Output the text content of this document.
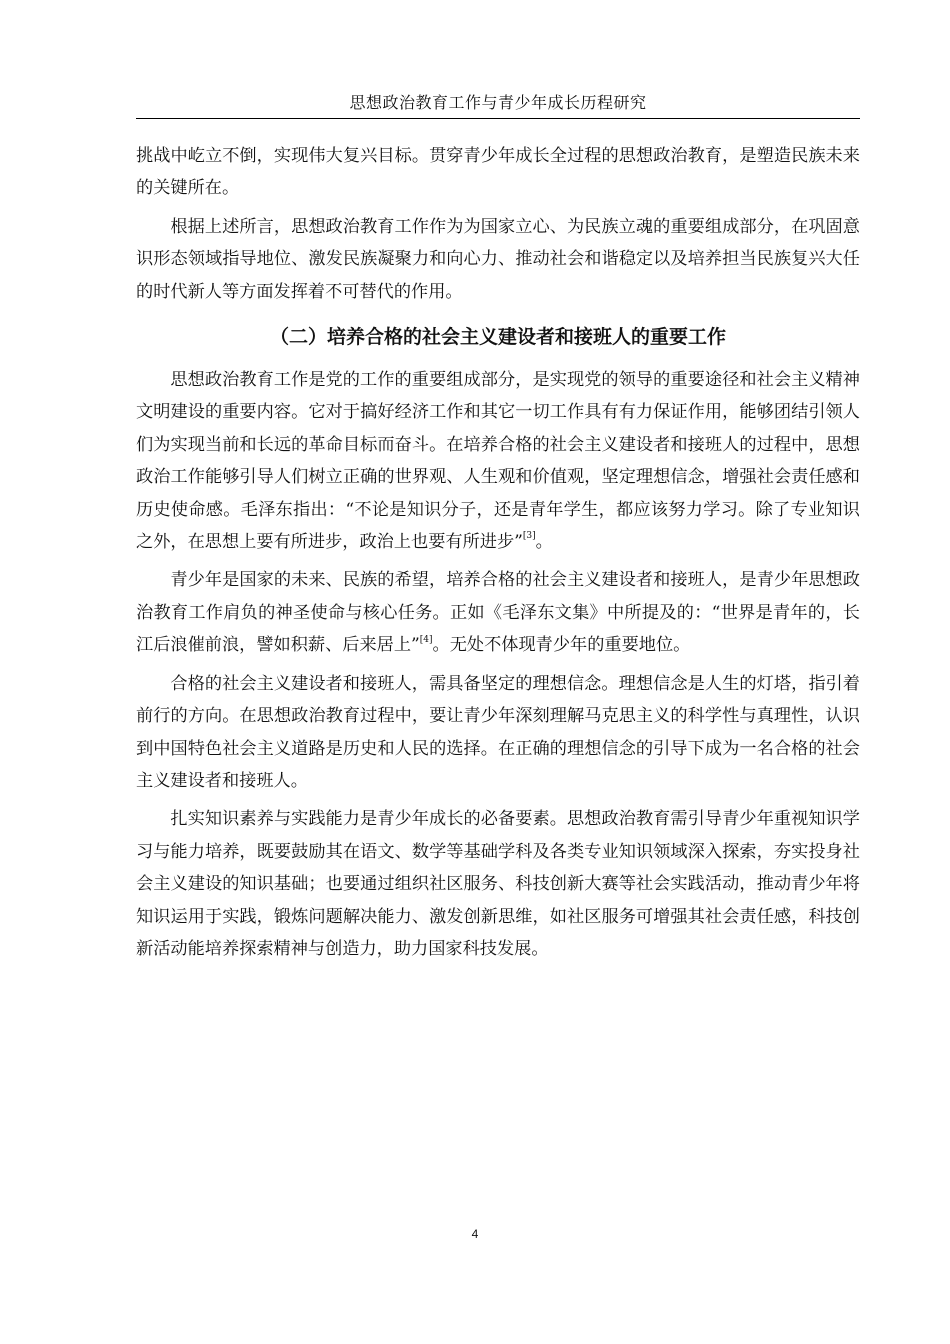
思想政治教育工作与青少年成长历程研究

挑战中屹立不倒，实现伟大复兴目标。贯穿青少年成长全过程的思想政治教育，是塑造民族未来的关键所在。

根据上述所言，思想政治教育工作作为为国家立心、为民族立魂的重要组成部分，在巩固意识形态领域指导地位、激发民族凝聚力和向心力、推动社会和谐稳定以及培养担当民族复兴大任的时代新人等方面发挥着不可替代的作用。

（二）培养合格的社会主义建设者和接班人的重要工作

思想政治教育工作是党的工作的重要组成部分，是实现党的领导的重要途径和社会主义精神文明建设的重要内容。它对于搞好经济工作和其它一切工作具有有力保证作用，能够团结引领人们为实现当前和长远的革命目标而奋斗。在培养合格的社会主义建设者和接班人的过程中，思想政治工作能够引导人们树立正确的世界观、人生观和价值观，坚定理想信念，增强社会责任感和历史使命感。毛泽东指出：“不论是知识分子，还是青年学生，都应该努力学习。除了专业知识之外，在思想上要有所进步，政治上也要有所进步”[3]。

青少年是国家的未来、民族的希望，培养合格的社会主义建设者和接班人，是青少年思想政治教育工作肩负的神圣使命与核心任务。正如《毛泽东文集》中所提及的：“世界是青年的，长江后浪催前浪，譬如积薪、后来居上”[4]。无处不体现青少年的重要地位。

合格的社会主义建设者和接班人，需具备坚定的理想信念。理想信念是人生的灯塔，指引着前行的方向。在思想政治教育过程中，要让青少年深刻理解马克思主义的科学性与真理性，认识到中国特色社会主义道路是历史和人民的选择。在正确的理想信念的引导下成为一名合格的社会主义建设者和接班人。

扎实知识素养与实践能力是青少年成长的必备要素。思想政治教育需引导青少年重视知识学习与能力培养，既要鼓励其在语文、数学等基础学科及各类专业知识领域深入探索，夯实投身社会主义建设的知识基础；也要通过组织社区服务、科技创新大赛等社会实践活动，推动青少年将知识运用于实践，锻炼问题解决能力、激发创新思维，如社区服务可增强其社会责任感，科技创新活动能培养探索精神与创造力，助力国家科技发展。

4
